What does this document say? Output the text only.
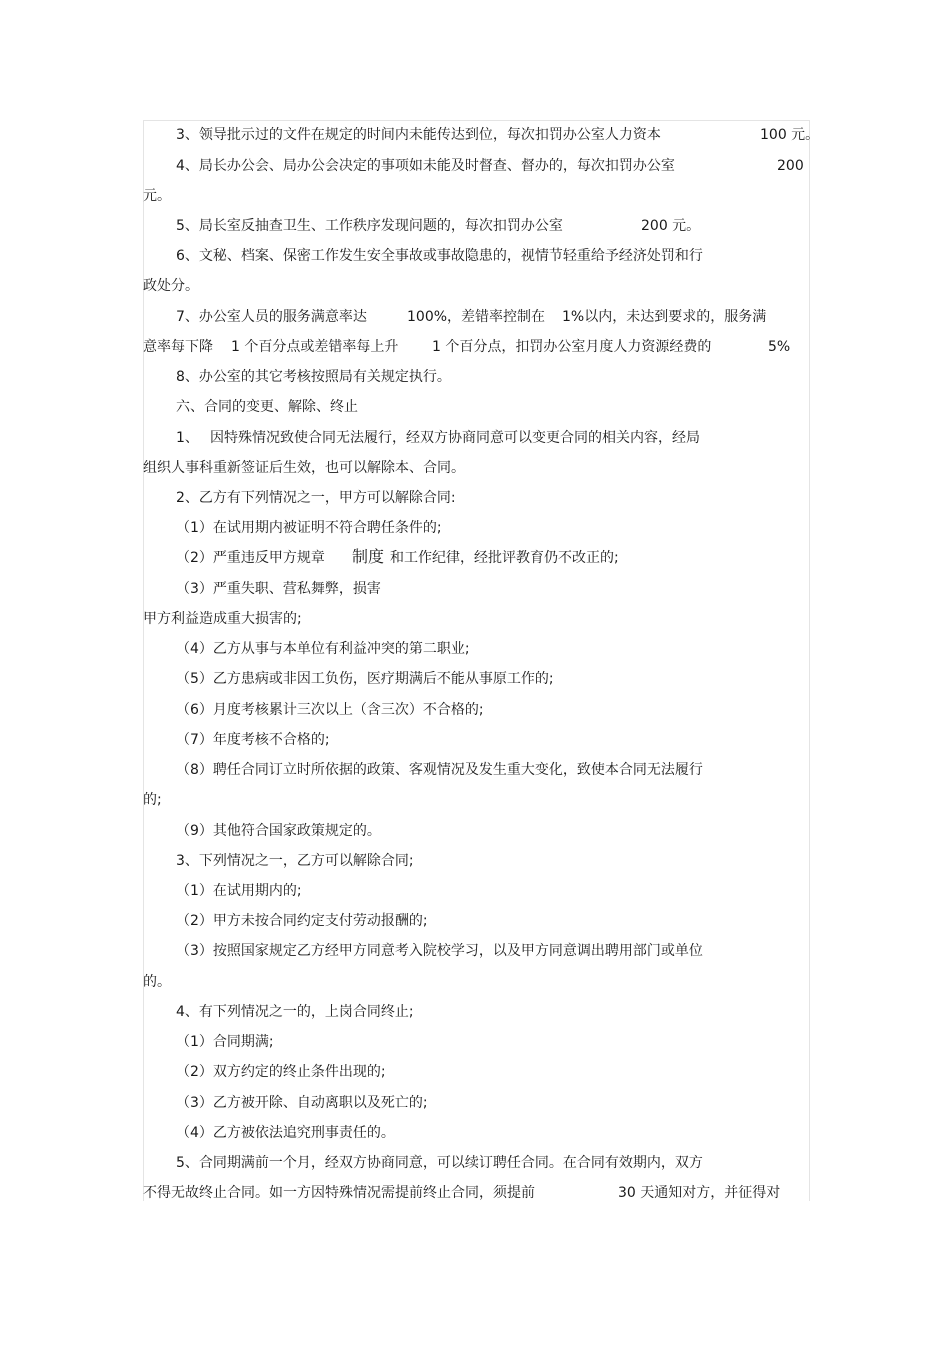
3、领导批示过的文件在规定的时间内未能传达到位，每次扣罚办公室人力资本	100 元。
4、局长办公会、局办公会决定的事项如未能及时督查、督办的，每次扣罚办公室	200
元。
5、局长室反抽查卫生、工作秩序发现问题的，每次扣罚办公室	200 元。
6、文秘、档案、保密工作发生安全事故或事故隐患的，视情节轻重给予经济处罚和行
政处分。
7、办公室人员的服务满意率达	100%，差错率控制在 1%以内，未达到要求的，服务满
意率每下降 1 个百分点或差错率每上升 1 个百分点，扣罚办公室月度人力资源经费的	5%
8、办公室的其它考核按照局有关规定执行。
六、合同的变更、解除、终止
1、 因特殊情况致使合同无法履行，经双方协商同意可以变更合同的相关内容，经局
组织人事科重新签证后生效，也可以解除本、合同。
2、乙方有下列情况之一，甲方可以解除合同:
（1）在试用期内被证明不符合聘任条件的;
（2）严重违反甲方规章 制度 和工作纪律，经批评教育仍不改正的;
（3）严重失职、营私舞弊，损害
甲方利益造成重大损害的;
（4）乙方从事与本单位有利益冲突的第二职业;
（5）乙方患病或非因工负伤，医疗期满后不能从事原工作的;
（6）月度考核累计三次以上（含三次）不合格的;
（7）年度考核不合格的;
（8）聘任合同订立时所依据的政策、客观情况及发生重大变化，致使本合同无法履行
的;
（9）其他符合国家政策规定的。
3、下列情况之一，乙方可以解除合同;
（1）在试用期内的;
（2）甲方未按合同约定支付劳动报酬的;
（3）按照国家规定乙方经甲方同意考入院校学习，以及甲方同意调出聘用部门或单位
的。
4、有下列情况之一的，上岗合同终止;
（1）合同期满;
（2）双方约定的终止条件出现的;
（3）乙方被开除、自动离职以及死亡的;
（4）乙方被依法追究刑事责任的。
5、合同期满前一个月，经双方协商同意，可以续订聘任合同。在合同有效期内，双方
不得无故终止合同。如一方因特殊情况需提前终止合同，须提前	30 天通知对方，并征得对
